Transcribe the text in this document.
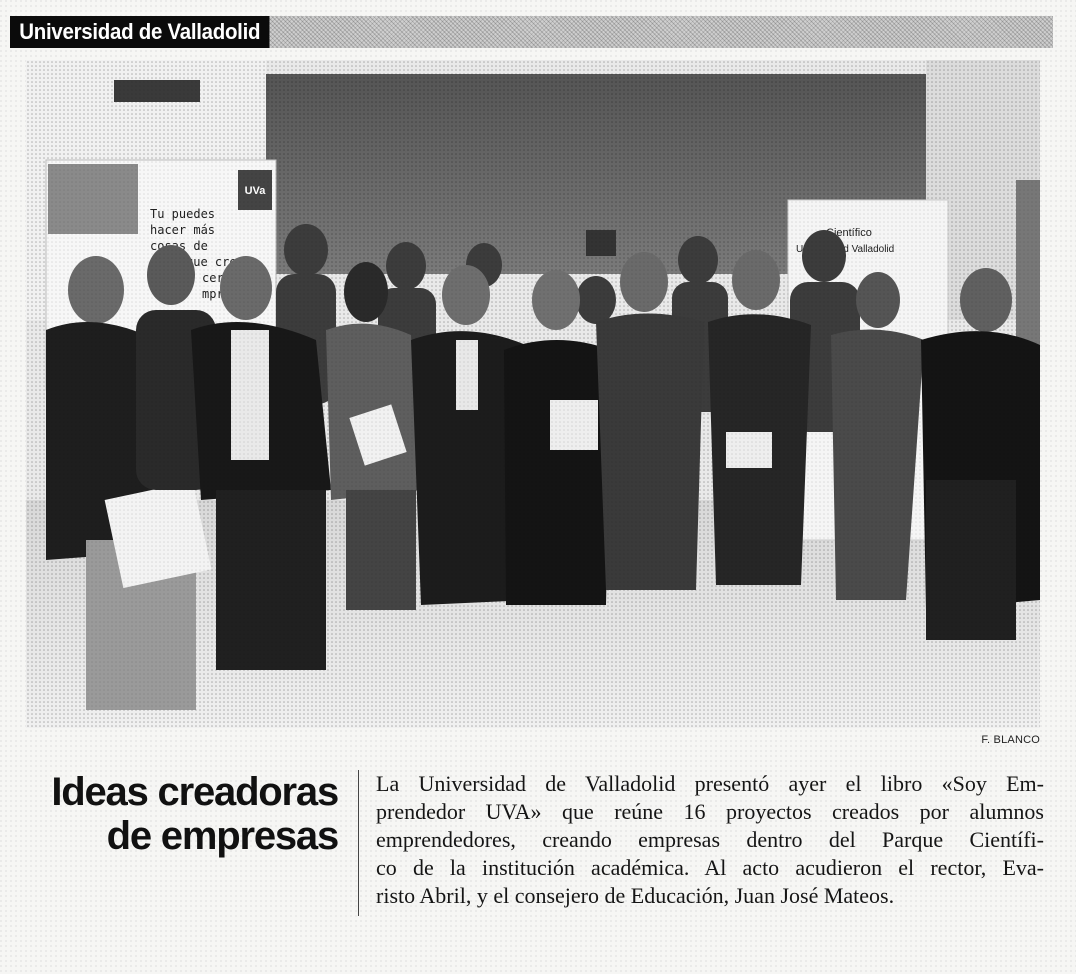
Universidad de Valladolid
F. BLANCO
Ideas creadoras
de empresas
La Universidad de Valladolid presentó ayer el libro «Soy Em-
prendedor UVA» que reúne 16 proyectos creados por alumnos
emprendedores, creando empresas dentro del Parque Científi-
co de la institución académica. Al acto acudieron el rector, Eva-
risto Abril, y el consejero de Educación, Juan José Mateos.
